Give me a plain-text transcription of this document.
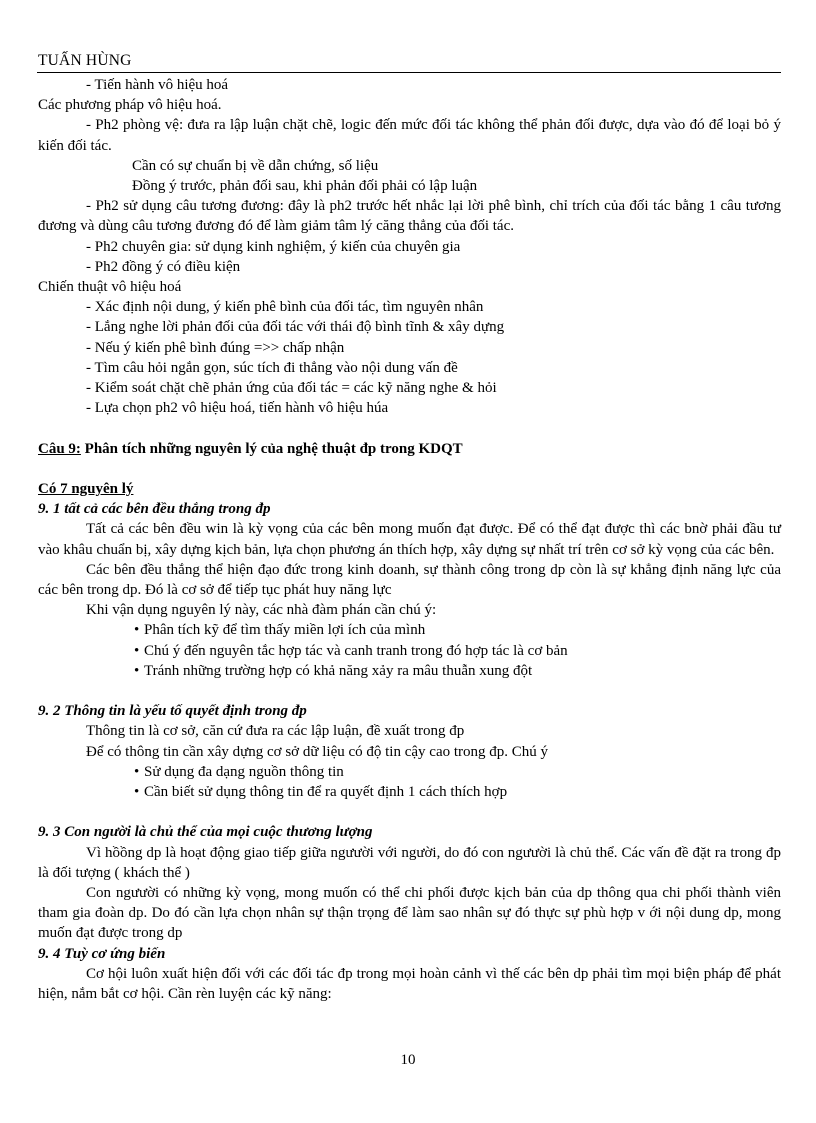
TUẤN HÙNG

- Tiến hành vô hiệu hoá

Các phương pháp vô hiệu hoá.

- Ph2 phòng vệ: đưa ra lập luận chặt chẽ, logic đến mức đối tác không thể phản đối được, dựa vào đó để loại bỏ ý kiến đối tác.

Cần có sự chuẩn bị về dẫn chứng, số liệu

Đồng ý trước, phản đối sau, khi phản đối phải có lập luận

- Ph2 sử dụng câu tương đương: đây là ph2 trước hết nhắc lại lời phê bình, chỉ trích của đối tác bằng 1 câu tương đương và dùng câu tương đương đó để làm giảm tâm lý căng thẳng của đối tác.

- Ph2 chuyên gia: sử dụng kinh nghiệm, ý kiến của chuyên gia

- Ph2 đồng ý có điều kiện

Chiến thuật vô hiệu hoá

- Xác định nội dung, ý kiến phê bình của đối tác, tìm nguyên nhân

- Lắng nghe lời phản đối của đối tác với thái độ bình tĩnh & xây dựng

- Nếu ý kiến phê bình đúng =>> chấp nhận

- Tìm câu hỏi ngắn gọn, súc tích đi thẳng vào nội dung vấn đề

- Kiểm soát chặt chẽ phản ứng của đối tác = các kỹ năng nghe & hỏi

- Lựa chọn ph2 vô hiệu hoá, tiến hành vô hiệu húa

Câu 9: Phân tích những nguyên lý của nghệ thuật đp trong KDQT

Có 7 nguyên lý

9. 1 tất cả các bên đều thắng trong đp

Tất cả các bên đều win là kỳ vọng của các bên mong muốn đạt được. Để có thể đạt được thì các bnờ phải đầu tư vào khâu chuẩn bị, xây dựng kịch bản, lựa chọn phương án thích hợp, xây dựng sự nhất trí trên cơ sở kỳ vọng của các bên.

Các bên đều thắng thể hiện đạo đức trong kinh doanh, sự thành công trong dp còn là sự khẳng định năng lực của các bên trong dp. Đó là cơ sở để tiếp tục phát huy năng lực

Khi vận dụng nguyên lý này, các nhà đàm phán cần chú ý:

• Phân tích kỹ để tìm thấy miền lợi ích của mình

• Chú ý đến nguyên tắc hợp tác và canh tranh trong đó hợp tác là cơ bản

• Tránh những trường hợp có khả năng xảy ra mâu thuẫn xung đột

9. 2 Thông tin là yếu tố quyết định trong đp

Thông tin là cơ sở, căn cứ đưa ra các lập luận, đề xuất trong đp

Để có thông tin cần xây dựng cơ sở dữ liệu có độ tin cậy cao trong đp. Chú ý

• Sử dụng đa dạng nguồn thông tin

• Cần biết sử dụng thông tin để ra quyết định 1 cách thích hợp

9. 3 Con người là chủ thể của mọi cuộc thương lượng

Vì hồồng dp là hoạt động giao tiếp giữa ngưười với người, do đó con ngưười là chủ thể. Các vấn đề đặt ra trong đp là đối tượng ( khách thể )

Con ngưười có những kỳ vọng, mong muốn có thể chi phối được kịch bản của dp thông qua chi phối thành viên tham gia đoàn dp. Do đó cần lựa chọn nhân sự thận trọng để làm sao nhân sự đó thực sự phù hợp v ới nội dung dp, mong muốn đạt được trong dp

9. 4 Tuỳ cơ ứng biến

Cơ hội luôn xuất hiện đối với các đối tác đp trong mọi hoàn cảnh vì thế các bên dp phải tìm mọi biện pháp để phát hiện, nắm bắt cơ hội. Cần rèn luyện các kỹ năng:

10
